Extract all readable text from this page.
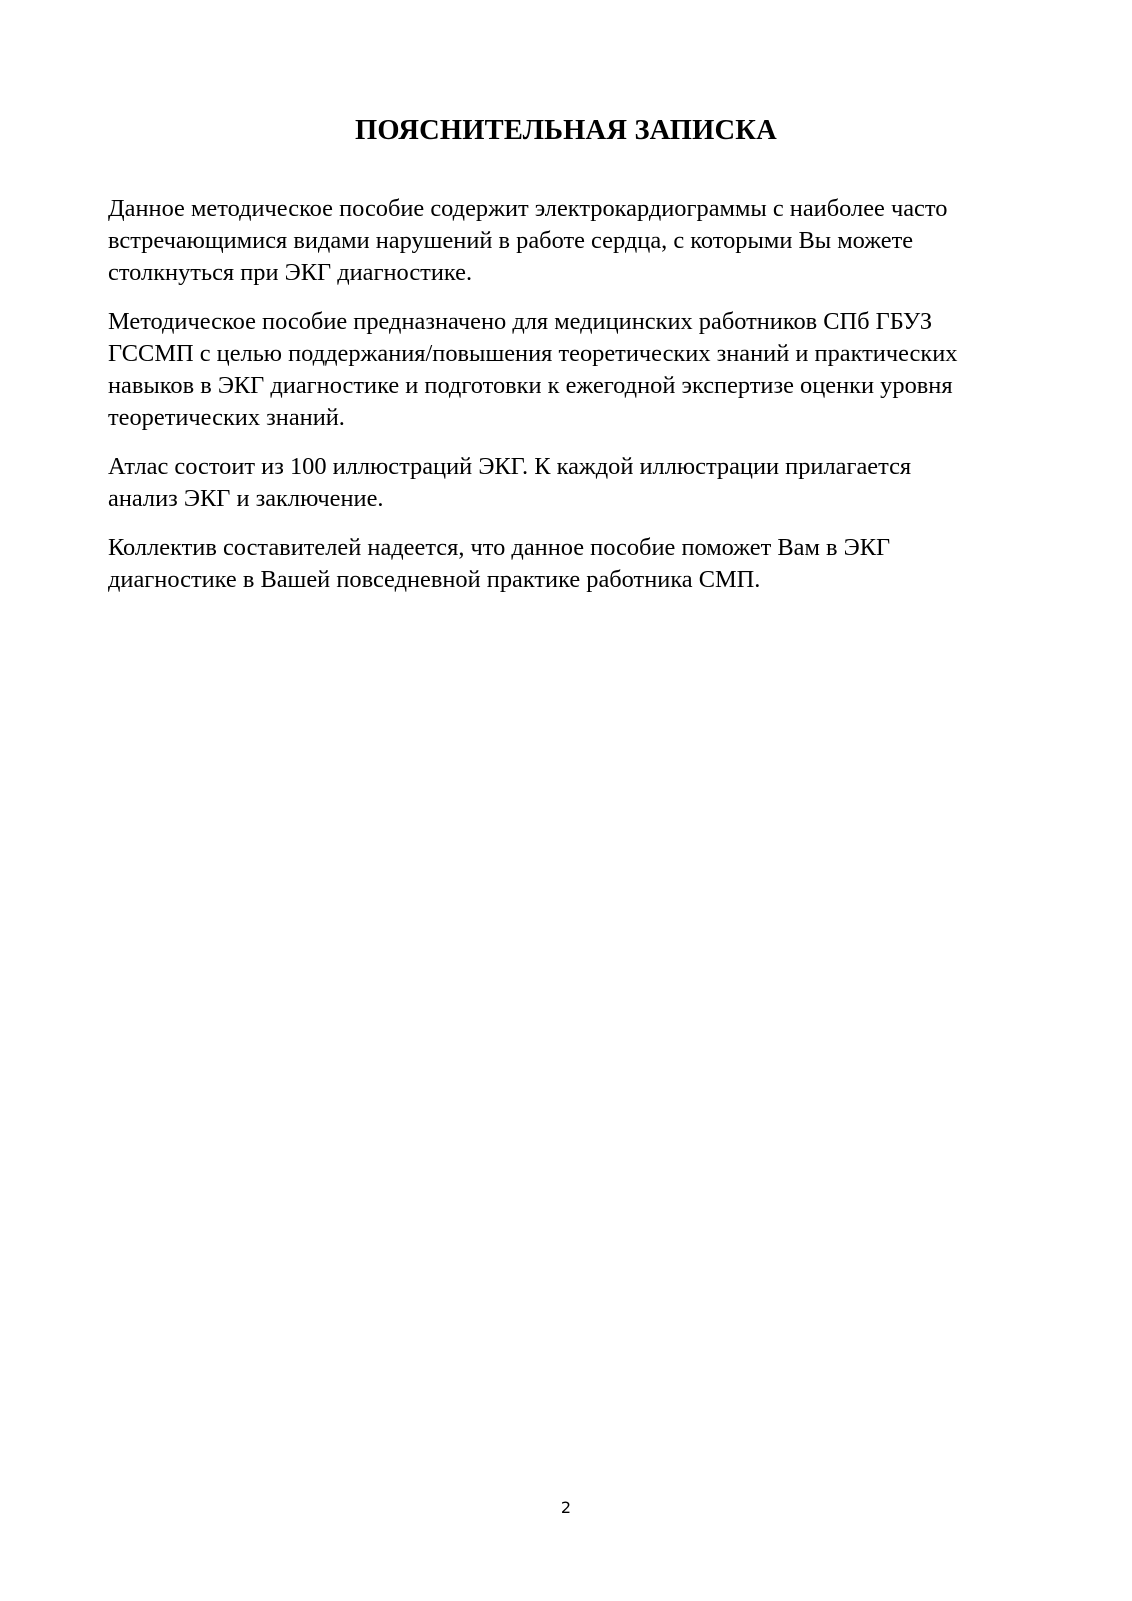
ПОЯСНИТЕЛЬНАЯ ЗАПИСКА

Данное методическое пособие содержит электрокардиограммы с наиболее часто
встречающимися видами нарушений в работе сердца, с которыми Вы можете
столкнуться при ЭКГ диагностике.

Методическое пособие предназначено для медицинских работников СПб ГБУЗ
ГССМП с целью поддержания/повышения теоретических знаний и практических
навыков в ЭКГ диагностике и подготовки к ежегодной экспертизе оценки уровня
теоретических знаний.

Атлас состоит из 100 иллюстраций ЭКГ. К каждой иллюстрации прилагается
анализ ЭКГ и заключение.

Коллектив составителей надеется, что данное пособие поможет Вам в ЭКГ
диагностике в Вашей повседневной практике работника СМП.

2
